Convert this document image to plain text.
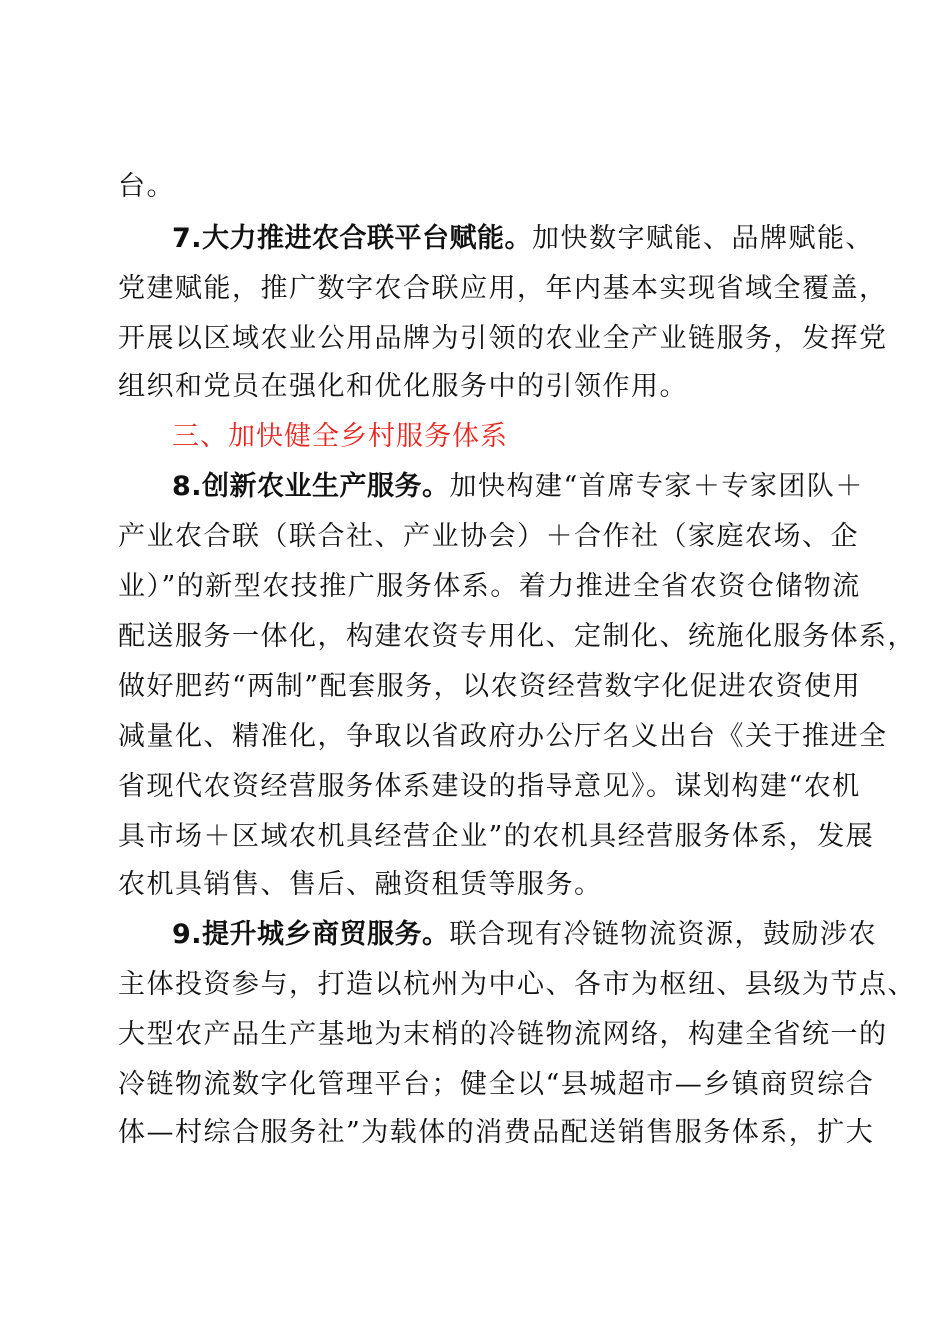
台。
7.大力推进农合联平台赋能。加快数字赋能、品牌赋能、
党建赋能，推广数字农合联应用，年内基本实现省域全覆盖，
开展以区域农业公用品牌为引领的农业全产业链服务，发挥党
组织和党员在强化和优化服务中的引领作用。
三、加快健全乡村服务体系
8.创新农业生产服务。加快构建“首席专家＋专家团队＋
产业农合联（联合社、产业协会）＋合作社（家庭农场、企
业）”的新型农技推广服务体系。着力推进全省农资仓储物流
配送服务一体化，构建农资专用化、定制化、统施化服务体系，
做好肥药“两制”配套服务，以农资经营数字化促进农资使用
减量化、精准化，争取以省政府办公厅名义出台《关于推进全
省现代农资经营服务体系建设的指导意见》。谋划构建“农机
具市场＋区域农机具经营企业”的农机具经营服务体系，发展
农机具销售、售后、融资租赁等服务。
9.提升城乡商贸服务。联合现有冷链物流资源，鼓励涉农
主体投资参与，打造以杭州为中心、各市为枢纽、县级为节点、
大型农产品生产基地为末梢的冷链物流网络，构建全省统一的
冷链物流数字化管理平台；健全以“县城超市—乡镇商贸综合
体—村综合服务社”为载体的消费品配送销售服务体系，扩大
